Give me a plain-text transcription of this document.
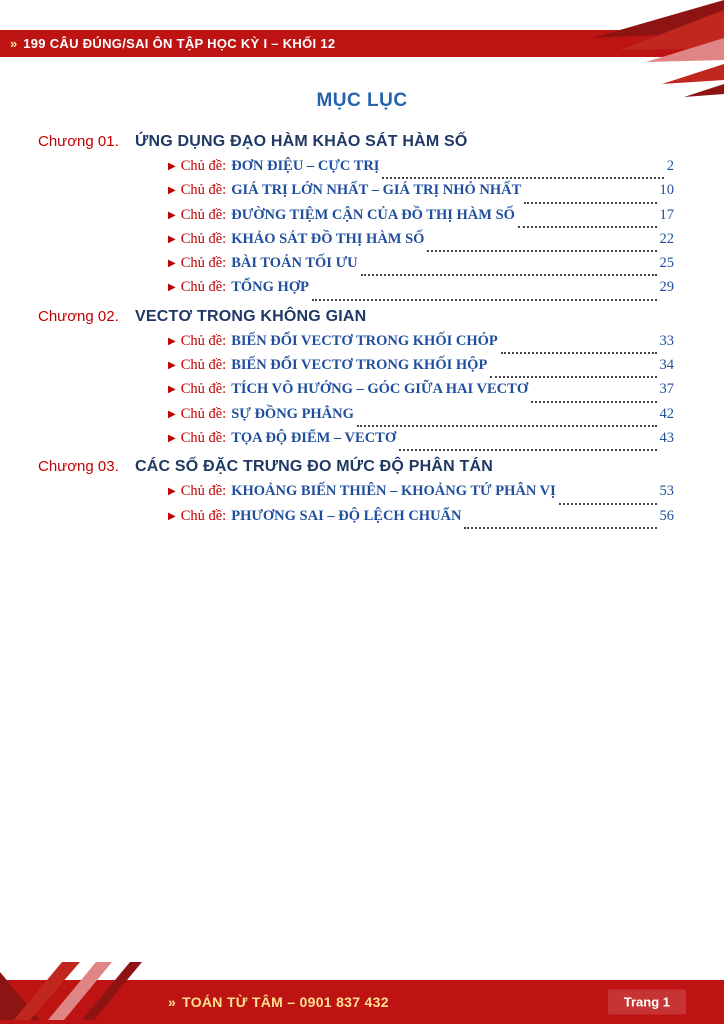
» 199 CÂU ĐÚNG/SAI ÔN TẬP HỌC KỲ I – KHỐI 12
MỤC LỤC
Chương 01.	ỨNG DỤNG ĐẠO HÀM KHẢO SÁT HÀM SỐ
▶ Chủ đề: ĐƠN ĐIỆU – CỰC TRỊ ​	2
▶ Chủ đề: GIÁ TRỊ LỚN NHẤT – GIÁ TRỊ NHỎ NHẤT ​	10
▶ Chủ đề: ĐƯỜNG TIỆM CẬN CỦA ĐỒ THỊ HÀM SỐ ​	17
▶ Chủ đề: KHẢO SÁT ĐỒ THỊ HÀM SỐ ​	22
▶ Chủ đề: BÀI TOÁN TỐI ƯU ​	25
▶ Chủ đề: TỔNG HỢP ​	29
Chương 02.	VECTƠ TRONG KHÔNG GIAN
▶ Chủ đề: BIẾN ĐỔI VECTƠ TRONG KHỐI CHÓP ​	33
▶ Chủ đề: BIẾN ĐỔI VECTƠ TRONG KHỐI HỘP ​	34
▶ Chủ đề: TÍCH VÔ HƯỚNG – GÓC GIỮA HAI VECTƠ ​	37
▶ Chủ đề: SỰ ĐỒNG PHẲNG ​	42
▶ Chủ đề: TỌA ĐỘ ĐIỂM – VECTƠ ​	43
Chương 03.	CÁC SỐ ĐẶC TRƯNG ĐO MỨC ĐỘ PHÂN TÁN
▶ Chủ đề: KHOẢNG BIẾN THIÊN – KHOẢNG TỨ PHÂN VỊ ​	53
▶ Chủ đề: PHƯƠNG SAI – ĐỘ LỆCH CHUẨN ​	56
» TOÁN TỪ TÂM – 0901 837 432	Trang 1
